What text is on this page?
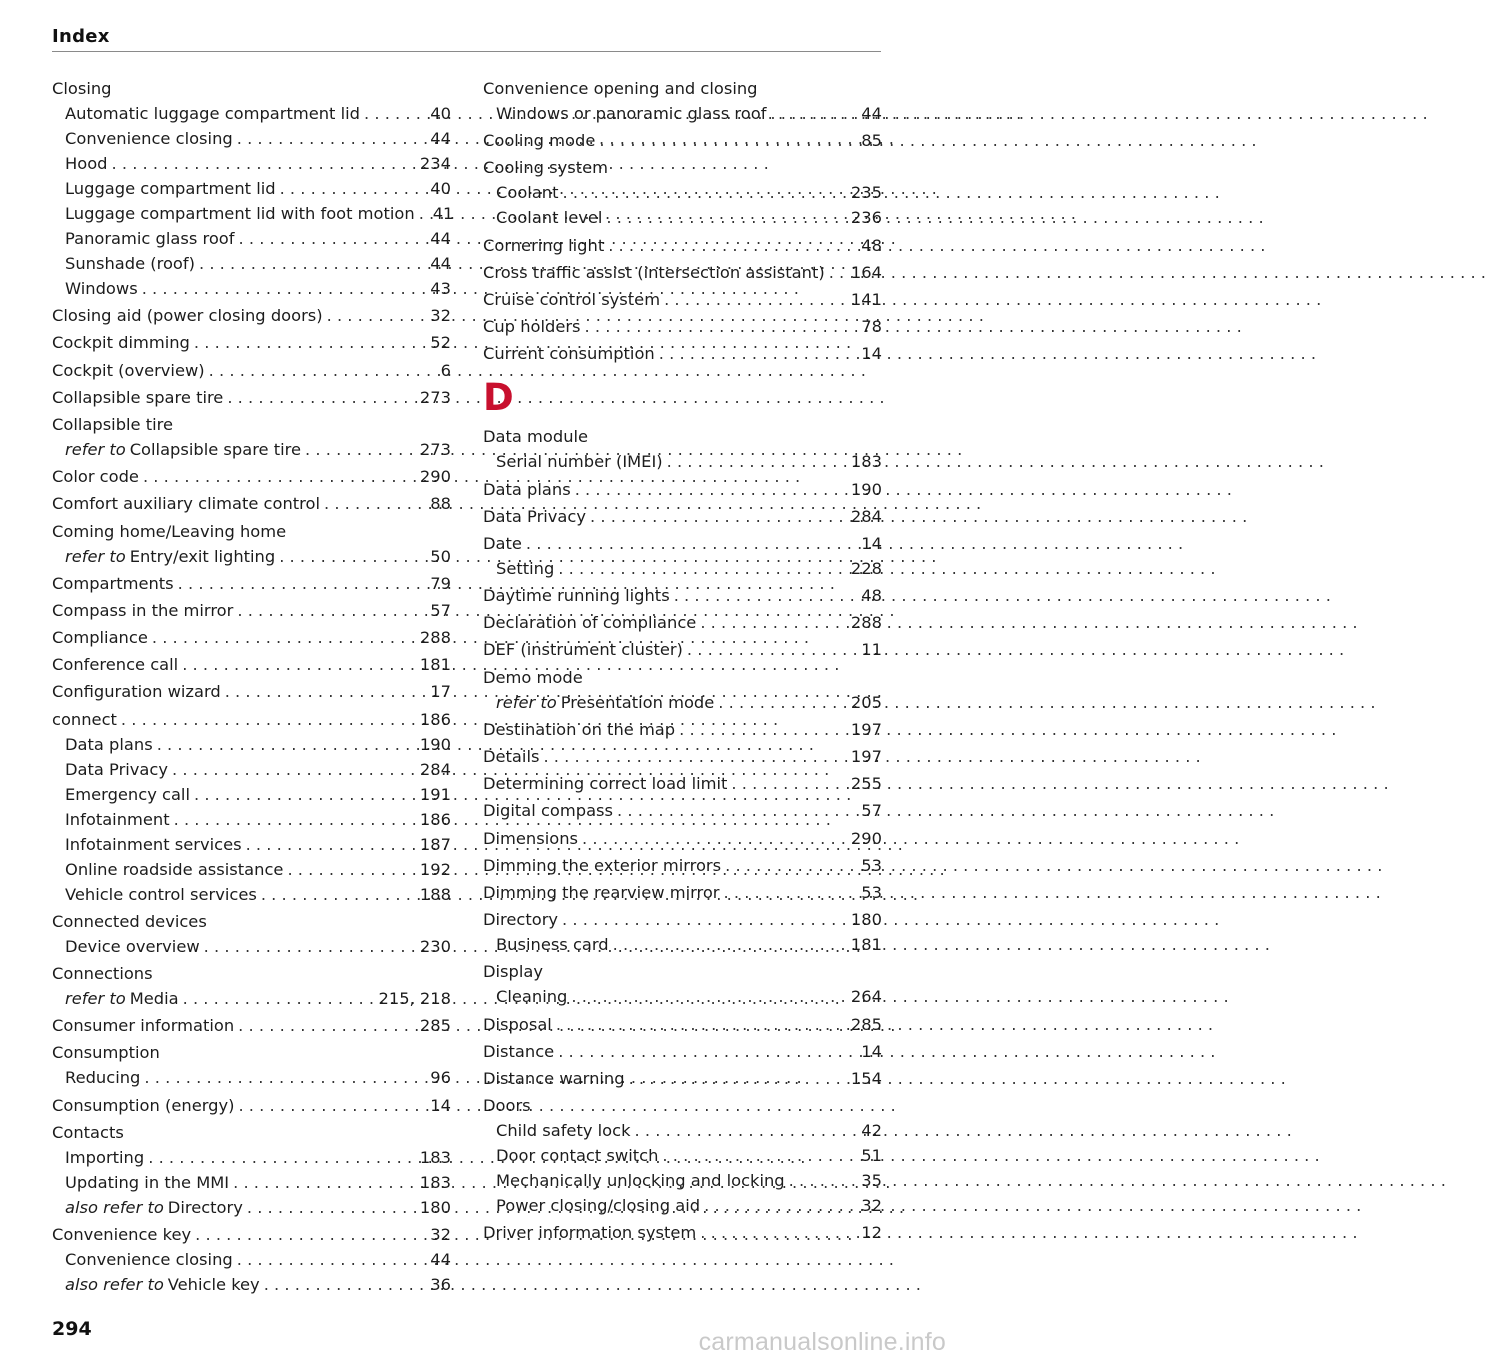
Index
Closing
Automatic luggage compartment lid . . .	40
Convenience closing . . .	44
Hood . . .	234
Luggage compartment lid . . .	40
Luggage compartment lid with foot motion . . . 41
Panoramic glass roof . . .	44
Sunshade (roof) . . .	44
Windows . . .	43
Closing aid (power closing doors) . . .	32
Cockpit dimming . . .	52
Cockpit (overview) . . .	6
Collapsible spare tire . . .	273
Collapsible tire
refer to Collapsible spare tire . . .	273
Color code . . .	290
Comfort auxiliary climate control . . .	88
Coming home/Leaving home
refer to Entry/exit lighting . . .	50
Compartments . . .	79
Compass in the mirror . . .	57
Compliance . . .	288
Conference call . . .	181
Configuration wizard . . .	17
connect . . .	186
Data plans . . .	190
Data Privacy . . .	284
Emergency call . . .	191
Infotainment . . .	186
Infotainment services . . .	187
Online roadside assistance . . .	192
Vehicle control services . . .	188
Connected devices
Device overview . . .	230
Connections
refer to Media . . .	215, 218
Consumer information . . .	285
Consumption
Reducing . . .	96
Consumption (energy) . . .	14
Contacts
Importing . . .	183
Updating in the MMI . . .	183
also refer to Directory . . .	180
Convenience key . . .	32
Convenience closing . . .	44
also refer to Vehicle key . . .	36
Convenience opening and closing
Windows or panoramic glass roof . . .	44
Cooling mode . . .	85
Cooling system
Coolant . . .	235
Coolant level . . .	236
Cornering light . . .	48
Cross traffic assist (intersection assistant) . . . 164
Cruise control system . . .	141
Cup holders . . .	78
Current consumption . . .	14
D
Data module
Serial number (IMEI) . . .	183
Data plans . . .	190
Data Privacy . . .	284
Date . . .	14
Setting . . .	228
Daytime running lights . . .	48
Declaration of compliance . . .	288
DEF (instrument cluster) . . .	11
Demo mode
refer to Presentation mode . . .	205
Destination on the map . . .	197
Details . . .	197
Determining correct load limit . . .	255
Digital compass . . .	57
Dimensions . . .	290
Dimming the exterior mirrors . . .	53
Dimming the rearview mirror . . .	53
Directory . . .	180
Business card . . .	181
Display
Cleaning . . .	264
Disposal . . .	285
Distance . . .	14
Distance warning . . .	154
Doors
Child safety lock . . .	42
Door contact switch . . .	51
Mechanically unlocking and locking . . .	35
Power closing/closing aid . . .	32
Driver information system . . .	12
294	carmanualsonline.info
